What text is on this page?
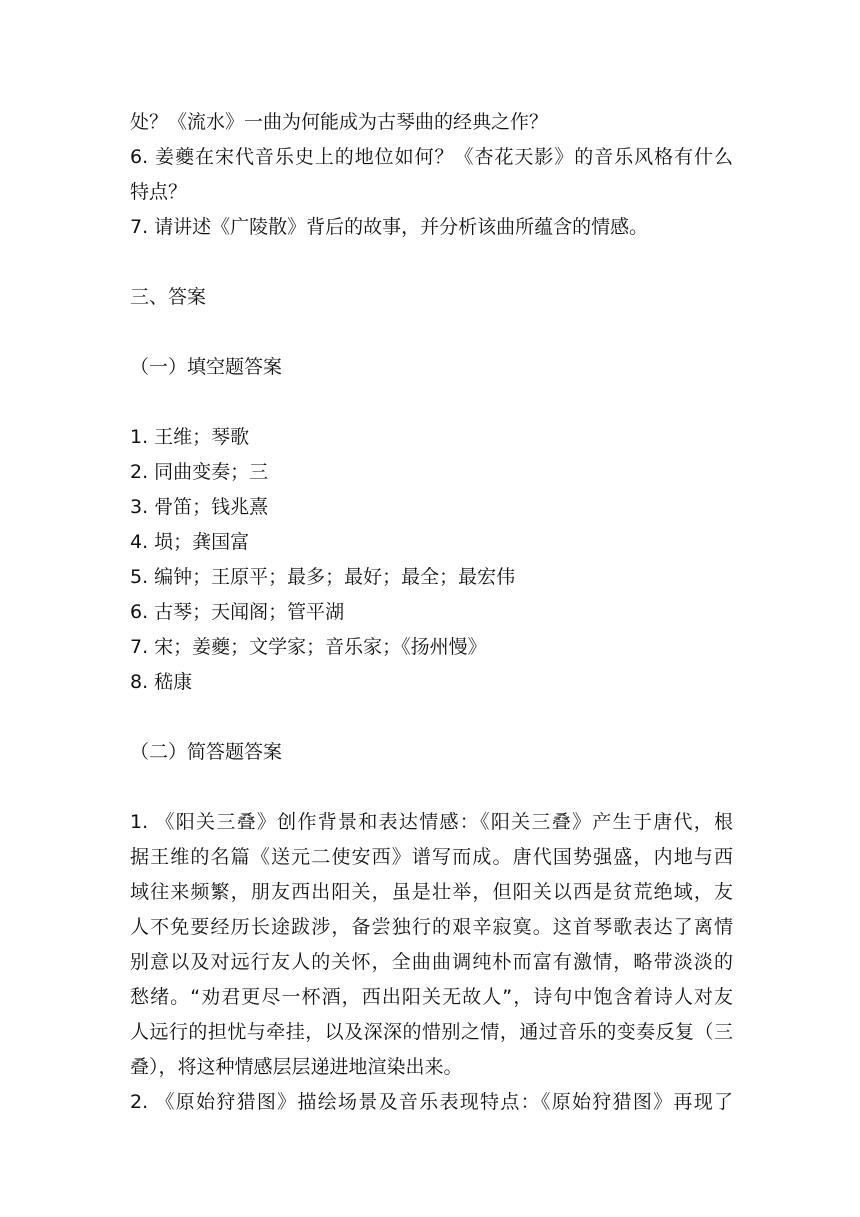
处？《流水》一曲为何能成为古琴曲的经典之作？
6. 姜夔在宋代音乐史上的地位如何？《杏花天影》的音乐风格有什么
特点？
7. 请讲述《广陵散》背后的故事，并分析该曲所蕴含的情感。
三、答案
（一）填空题答案
1. 王维；琴歌
2. 同曲变奏；三
3. 骨笛；钱兆熹
4. 埙；龚国富
5. 编钟；王原平；最多；最好；最全；最宏伟
6. 古琴；天闻阁；管平湖
7. 宋；姜夔；文学家；音乐家；《扬州慢》
8. 嵇康
（二）简答题答案
1. 《阳关三叠》创作背景和表达情感：《阳关三叠》产生于唐代，根
据王维的名篇《送元二使安西》谱写而成。唐代国势强盛，内地与西
域往来频繁，朋友西出阳关，虽是壮举，但阳关以西是贫荒绝域，友
人不免要经历长途跋涉，备尝独行的艰辛寂寞。这首琴歌表达了离情
别意以及对远行友人的关怀，全曲曲调纯朴而富有激情，略带淡淡的
愁绪。“劝君更尽一杯酒，西出阳关无故人”，诗句中饱含着诗人对友
人远行的担忧与牵挂，以及深深的惜别之情，通过音乐的变奏反复（三
叠），将这种情感层层递进地渲染出来。
2. 《原始狩猎图》描绘场景及音乐表现特点：《原始狩猎图》再现了
